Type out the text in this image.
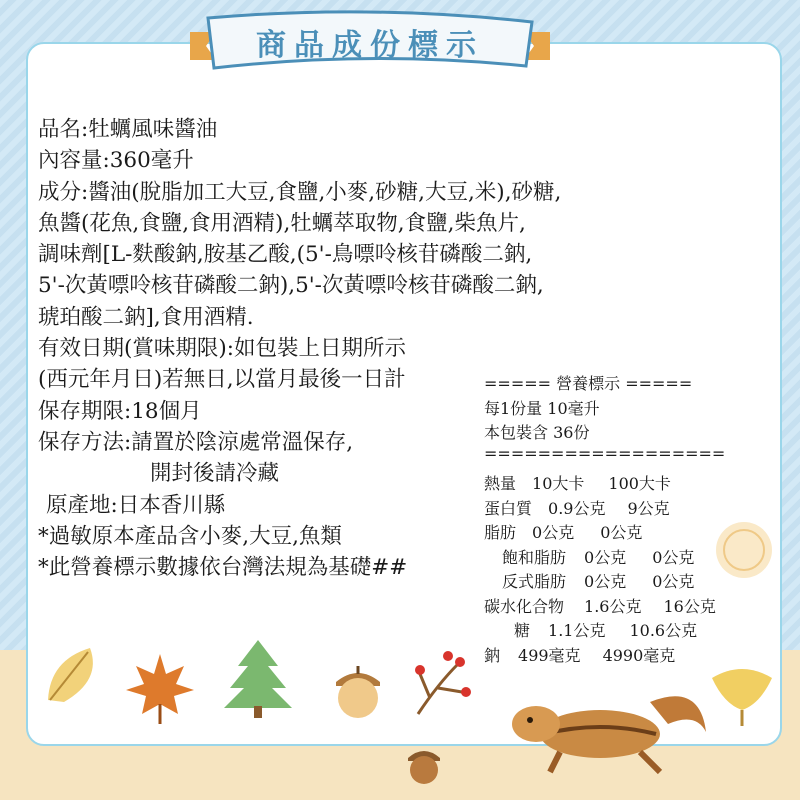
商品成份標示
品名:牡蠣風味醬油
內容量:360毫升
成分:醬油(脫脂加工大豆,食鹽,小麥,砂糖,大豆,米),砂糖,
魚醬(花魚,食鹽,食用酒精),牡蠣萃取物,食鹽,柴魚片,
調味劑[L-麩酸鈉,胺基乙酸,(5'-鳥嘌呤核苷磷酸二鈉,
5'-次黃嘌呤核苷磷酸二鈉),5'-次黃嘌呤核苷磷酸二鈉,
琥珀酸二鈉],食用酒精.
有效日期(賞味期限):如包裝上日期所示
(西元年月日)若無日,以當月最後一日計
保存期限:18個月
保存方法:請置於陰涼處常溫保存,
開封後請冷藏
原產地:日本香川縣
*過敏原本產品含小麥,大豆,魚類
*此營養標示數據依台灣法規為基礎##
===== 營養標示 =====
每1份量 10毫升
本包裝含 36份
==================
熱量 10大卡 100大卡
蛋白質 0.9公克 9公克
脂肪 0公克 0公克
飽和脂肪 0公克 0公克
反式脂肪 0公克 0公克
碳水化合物 1.6公克 16公克
糖 1.1公克 10.6公克
鈉 499毫克 4990毫克
